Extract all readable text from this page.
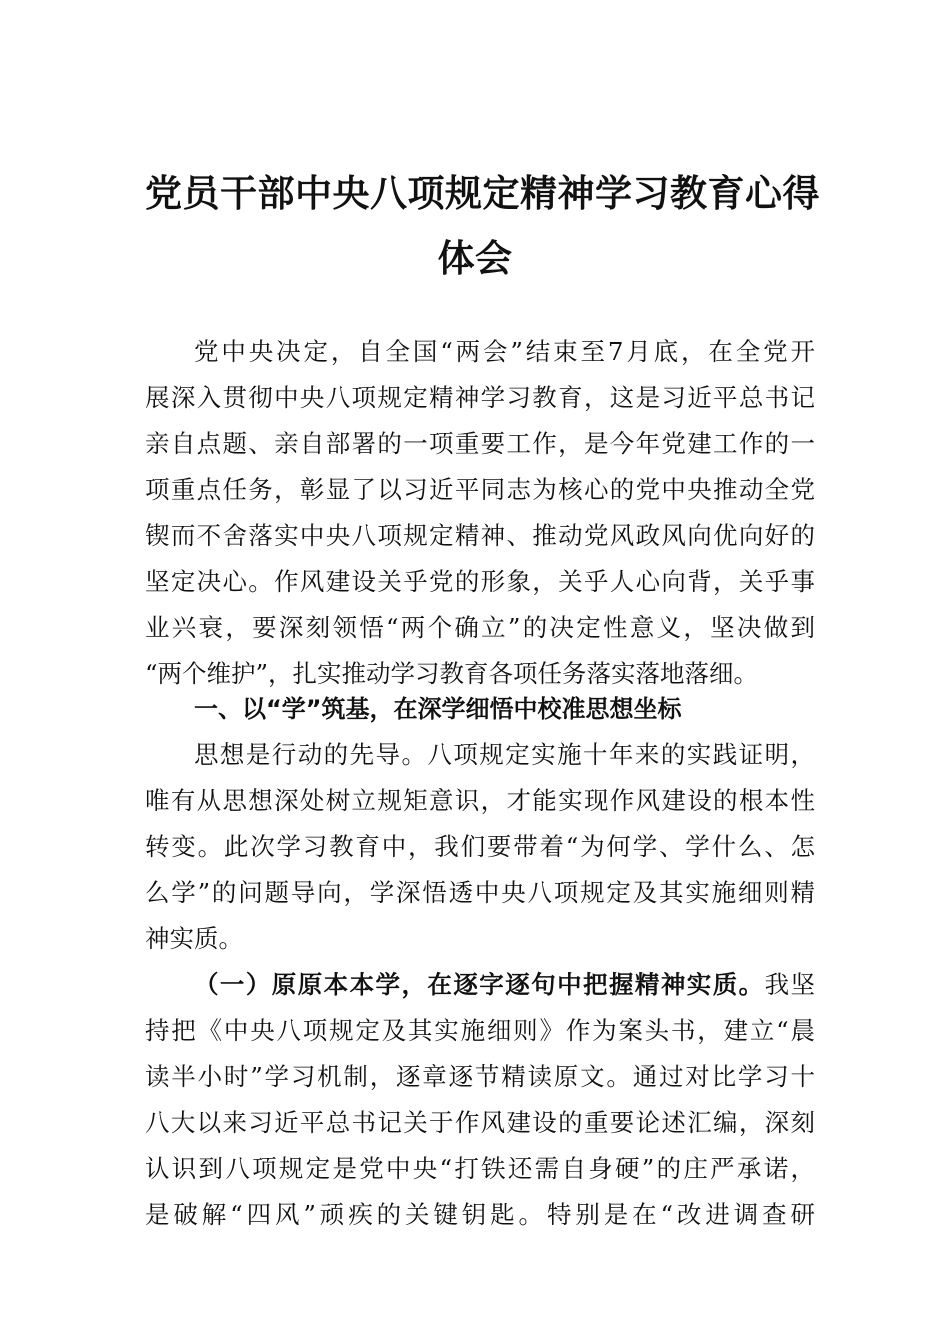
党员干部中央八项规定精神学习教育心得
体会
党中央决定，自全国“两会”结束至7月底，在全党开
展深入贯彻中央八项规定精神学习教育，这是习近平总书记
亲自点题、亲自部署的一项重要工作，是今年党建工作的一
项重点任务，彰显了以习近平同志为核心的党中央推动全党
锲而不舍落实中央八项规定精神、推动党风政风向优向好的
坚定决心。作风建设关乎党的形象，关乎人心向背，关乎事
业兴衰，要深刻领悟“两个确立”的决定性意义，坚决做到
“两个维护”，扎实推动学习教育各项任务落实落地落细。
一、以“学”筑基，在深学细悟中校准思想坐标
思想是行动的先导。八项规定实施十年来的实践证明，
唯有从思想深处树立规矩意识，才能实现作风建设的根本性
转变。此次学习教育中，我们要带着“为何学、学什么、怎
么学”的问题导向，学深悟透中央八项规定及其实施细则精
神实质。
（一）原原本本学，在逐字逐句中把握精神实质。我坚
持把《中央八项规定及其实施细则》作为案头书，建立“晨
读半小时”学习机制，逐章逐节精读原文。通过对比学习十
八大以来习近平总书记关于作风建设的重要论述汇编，深刻
认识到八项规定是党中央“打铁还需自身硬”的庄严承诺，
是破解“四风”顽疾的关键钥匙。特别是在“改进调查研
